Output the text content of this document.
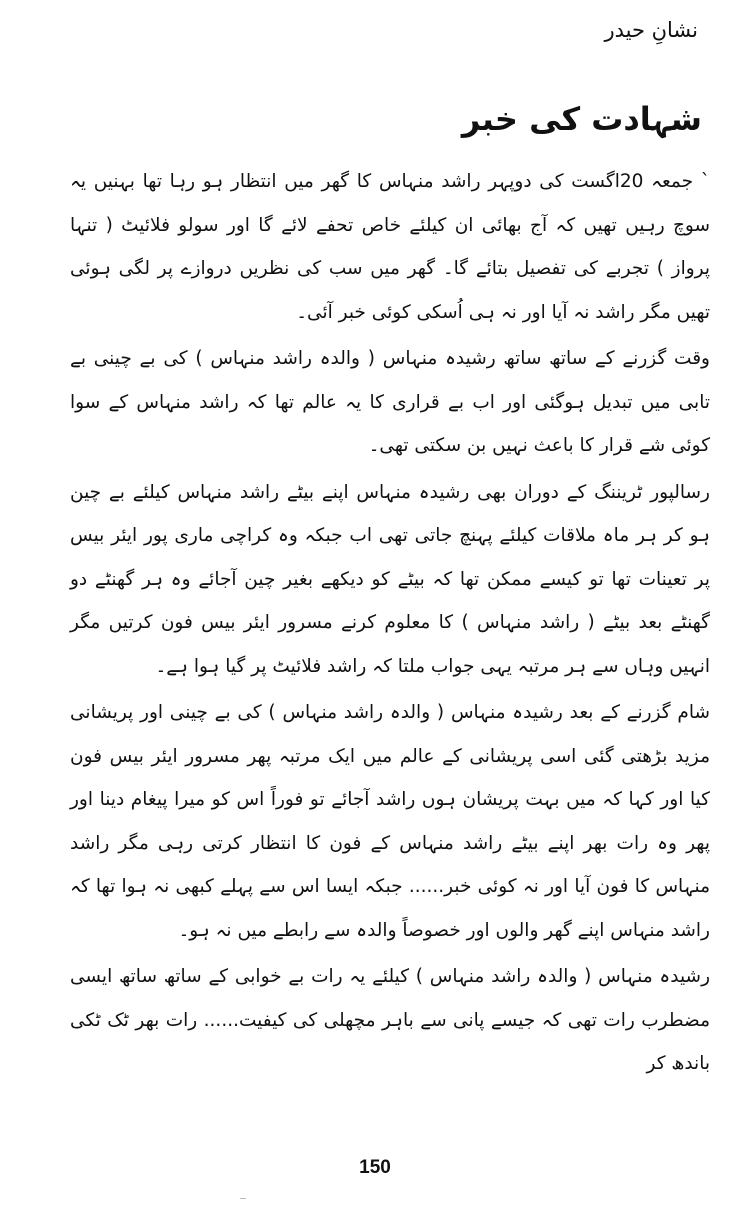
نشانِ حیدر
شہادت کی خبر

` جمعہ 20اگست کی دوپہر راشد منہاس کا گھر میں انتظار ہو رہا تھا بہنیں یہ سوچ رہیں تھیں کہ آج بھائی ان کیلئے خاص تحفے لائے گا اور سولو فلائیٹ ( تنہا پرواز ) تجربے کی تفصیل بتائے گا۔ گھر میں سب کی نظریں دروازے پر لگی ہوئی تھیں مگر راشد نہ آیا اور نہ ہی اُسکی کوئی خبر آئی۔

وقت گزرنے کے ساتھ ساتھ رشیدہ منہاس ( والدہ راشد منہاس ) کی بے چینی بے تابی میں تبدیل ہوگئی اور اب بے قراری کا یہ عالم تھا کہ راشد منہاس کے سوا کوئی شے قرار کا باعث نہیں بن سکتی تھی۔

رسالپور ٹریننگ کے دوران بھی رشیدہ منہاس اپنے بیٹے راشد منہاس کیلئے بے چین ہو کر ہر ماہ ملاقات کیلئے پہنچ جاتی تھی اب جبکہ وہ کراچی ماری پور ایئر بیس پر تعینات تھا تو کیسے ممکن تھا کہ بیٹے کو دیکھے بغیر چین آجائے وہ ہر گھنٹے دو گھنٹے بعد بیٹے ( راشد منہاس ) کا معلوم کرنے مسرور ایئر بیس فون کرتیں مگر انہیں وہاں سے ہر مرتبہ یہی جواب ملتا کہ راشد فلائیٹ پر گیا ہوا ہے۔

شام گزرنے کے بعد رشیدہ منہاس ( والدہ راشد منہاس ) کی بے چینی اور پریشانی مزید بڑھتی گئی اسی پریشانی کے عالم میں ایک مرتبہ پھر مسرور ایئر بیس فون کیا اور کہا کہ میں بہت پریشان ہوں راشد آجائے تو فوراً اس کو میرا پیغام دینا اور پھر وہ رات بھر اپنے بیٹے راشد منہاس کے فون کا انتظار کرتی رہی مگر راشد منہاس کا فون آیا اور نہ کوئی خبر...... جبکہ ایسا اس سے پہلے کبھی نہ ہوا تھا کہ راشد منہاس اپنے گھر والوں اور خصوصاً والدہ سے رابطے میں نہ ہو۔

رشیدہ منہاس ( والدہ راشد منہاس ) کیلئے یہ رات بے خوابی کے ساتھ ساتھ ایسی مضطرب رات تھی کہ جیسے پانی سے باہر مچھلی کی کیفیت...... رات بھر ٹک ٹکی باندھ کر

150
